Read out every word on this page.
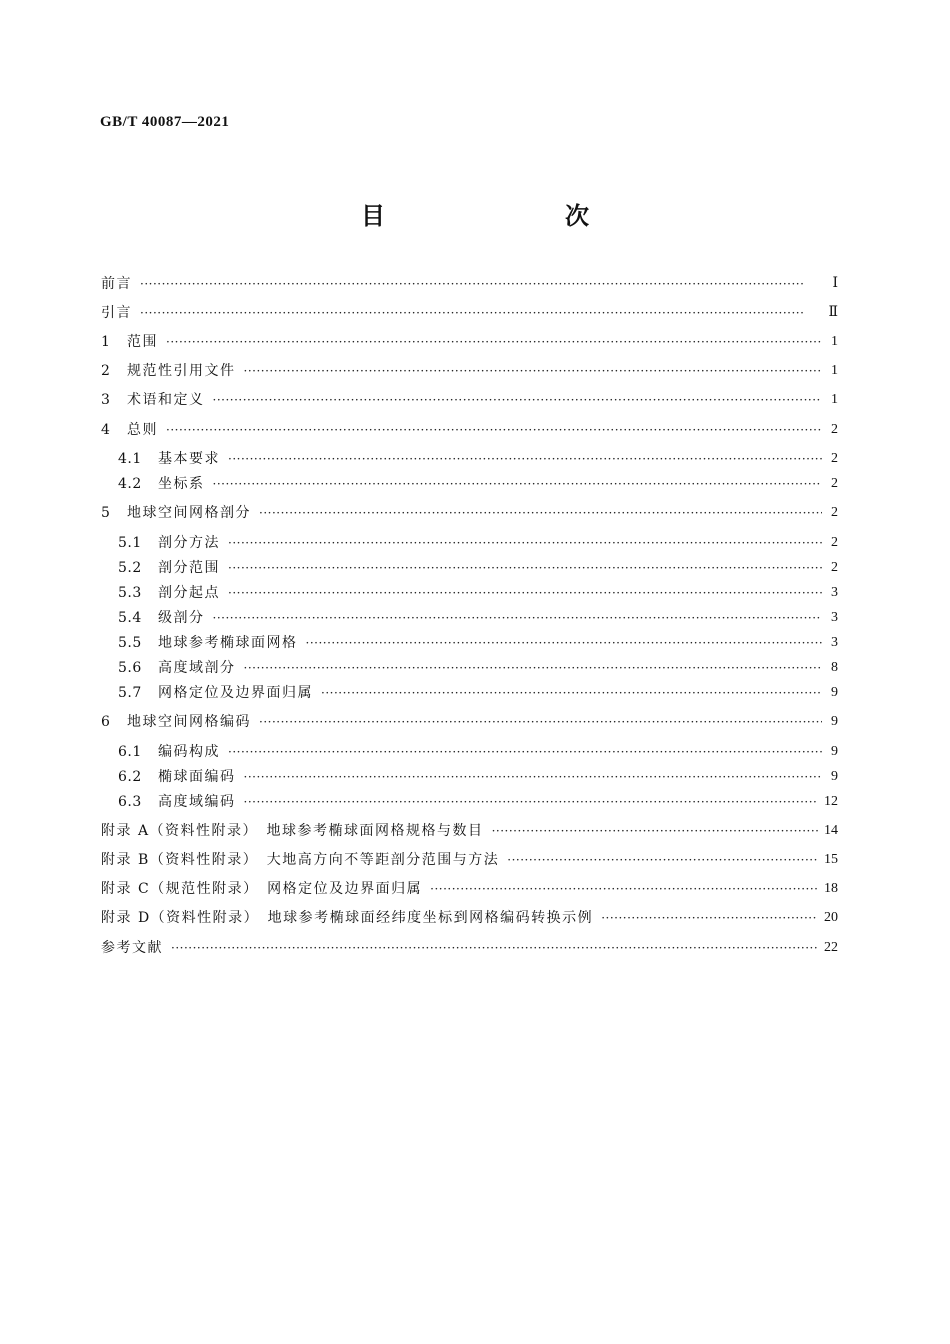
GB/T 40087—2021
目　　次
前言 ·····	Ⅰ
引言 ·····	Ⅱ
1	范围 ·····	1
2	规范性引用文件 ·····	1
3	术语和定义 ·····	1
4	总则 ·····	2
4.1	基本要求 ·····	2
4.2	坐标系 ·····	2
5	地球空间网格剖分 ·····	2
5.1	剖分方法 ·····	2
5.2	剖分范围 ·····	2
5.3	剖分起点 ·····	3
5.4	级剖分 ·····	3
5.5	地球参考椭球面网格 ·····	3
5.6	高度域剖分 ·····	8
5.7	网格定位及边界面归属 ·····	9
6	地球空间网格编码 ·····	9
6.1	编码构成 ·····	9
6.2	椭球面编码 ·····	9
6.3	高度域编码 ·····	12
附录 A（资料性附录）　地球参考椭球面网格规格与数目 ·····	14
附录 B（资料性附录）　大地高方向不等距剖分范围与方法 ·····	15
附录 C（规范性附录）　网格定位及边界面归属 ·····	18
附录 D（资料性附录）　地球参考椭球面经纬度坐标到网格编码转换示例 ·····	20
参考文献 ·····	22
